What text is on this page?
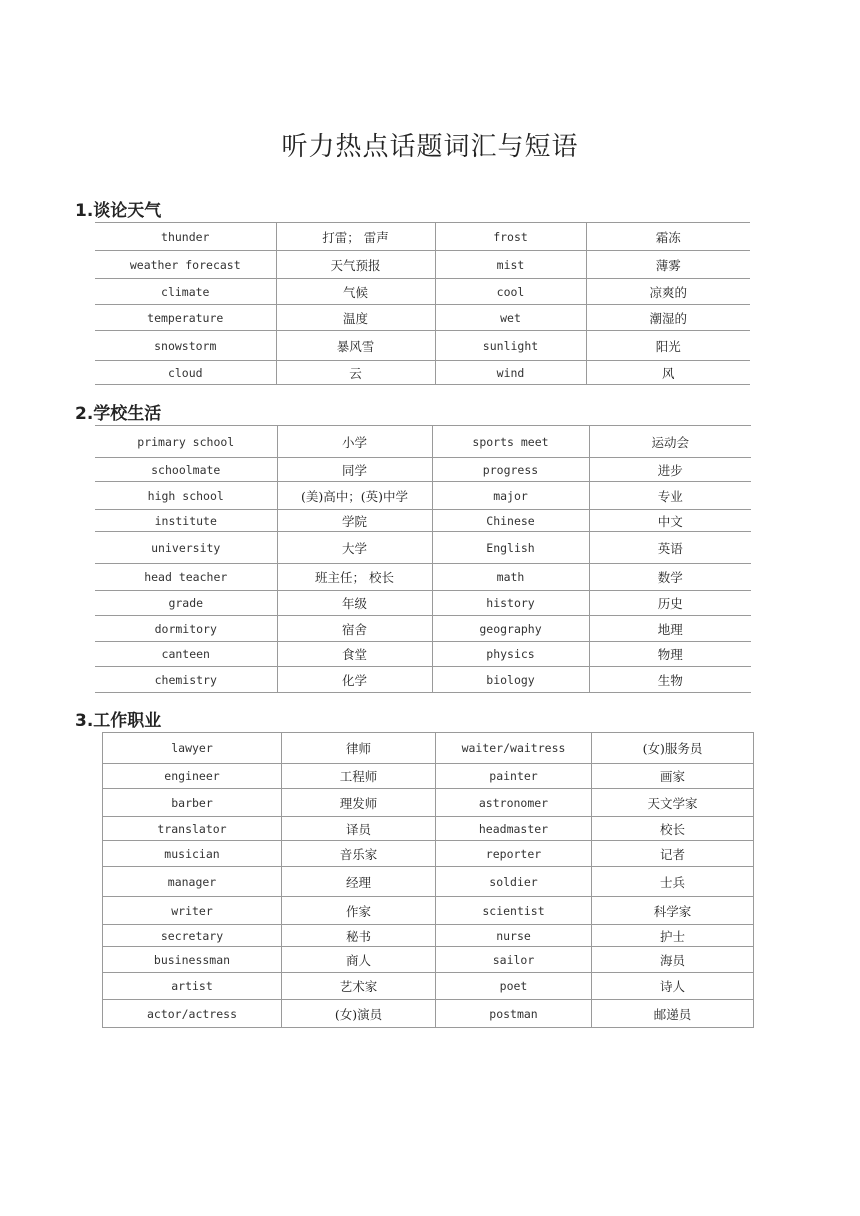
听力热点话题词汇与短语
1.谈论天气
thunder	打雷； 雷声	frost	霜冻
weather forecast	天气预报	mist	薄雾
climate	气候	cool	凉爽的
temperature	温度	wet	潮湿的
snowstorm	暴风雪	sunlight	阳光
cloud	云	wind	风
2.学校生活
primary school	小学	sports meet	运动会
schoolmate	同学	progress	进步
high school	(美)高中；(英)中学	major	专业
institute	学院	Chinese	中文
university	大学	English	英语
head teacher	班主任； 校长	math	数学
grade	年级	history	历史
dormitory	宿舍	geography	地理
canteen	食堂	physics	物理
chemistry	化学	biology	生物
3.工作职业
lawyer	律师	waiter/waitress	(女)服务员
engineer	工程师	painter	画家
barber	理发师	astronomer	天文学家
translator	译员	headmaster	校长
musician	音乐家	reporter	记者
manager	经理	soldier	士兵
writer	作家	scientist	科学家
secretary	秘书	nurse	护士
businessman	商人	sailor	海员
artist	艺术家	poet	诗人
actor/actress	(女)演员	postman	邮递员
